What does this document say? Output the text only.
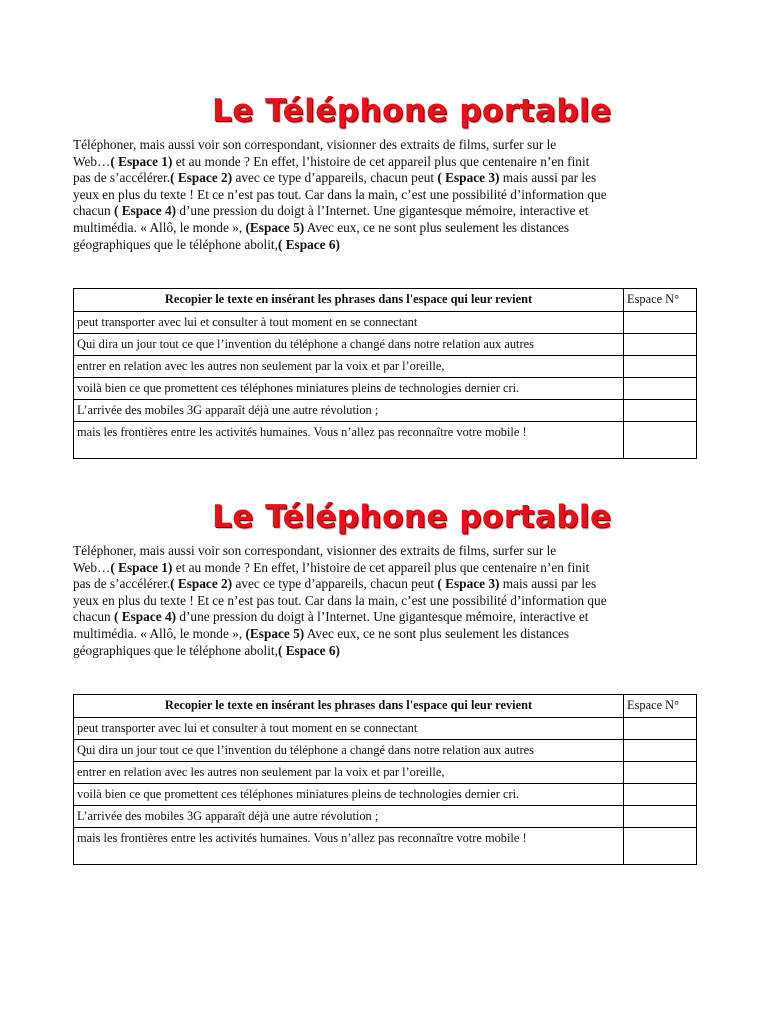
Le Téléphone portable

Téléphoner, mais aussi voir son correspondant, visionner des extraits de films, surfer sur le

Web…( Espace 1) et au monde ? En effet, l’histoire de cet appareil plus que centenaire n’en finit

pas de s’accélérer.( Espace 2) avec ce type d’appareils, chacun peut ( Espace 3) mais aussi par les

yeux en plus du texte ! Et ce n’est pas tout. Car dans la main, c’est une possibilité d’information que

chacun ( Espace 4) d’une pression du doigt à l’Internet. Une gigantesque mémoire, interactive et

multimédia. « Allô, le monde », (Espace 5) Avec eux, ce ne sont plus seulement les distances

géographiques que le téléphone abolit,( Espace 6)

Recopier le texte en insérant les phrases dans l'espace qui leur revient	Espace N°
peut transporter avec lui et consulter à tout moment en se connectant	
Qui dira un jour tout ce que l’invention du téléphone a changé dans notre relation aux autres	
entrer en relation avec les autres non seulement par la voix et par l’oreille,	
voilà bien ce que promettent ces téléphones miniatures pleins de technologies dernier cri.	
L’arrivée des mobiles 3G apparaît déjà une autre révolution ;	
mais les frontières entre les activités humaines. Vous n’allez pas reconnaître votre mobile !	
Le Téléphone portable

Téléphoner, mais aussi voir son correspondant, visionner des extraits de films, surfer sur le

Web…( Espace 1) et au monde ? En effet, l’histoire de cet appareil plus que centenaire n’en finit

pas de s’accélérer.( Espace 2) avec ce type d’appareils, chacun peut ( Espace 3) mais aussi par les

yeux en plus du texte ! Et ce n’est pas tout. Car dans la main, c’est une possibilité d’information que

chacun ( Espace 4) d’une pression du doigt à l’Internet. Une gigantesque mémoire, interactive et

multimédia. « Allô, le monde », (Espace 5) Avec eux, ce ne sont plus seulement les distances

géographiques que le téléphone abolit,( Espace 6)

Recopier le texte en insérant les phrases dans l'espace qui leur revient	Espace N°
peut transporter avec lui et consulter à tout moment en se connectant	
Qui dira un jour tout ce que l’invention du téléphone a changé dans notre relation aux autres	
entrer en relation avec les autres non seulement par la voix et par l’oreille,	
voilà bien ce que promettent ces téléphones miniatures pleins de technologies dernier cri.	
L’arrivée des mobiles 3G apparaît déjà une autre révolution ;	
mais les frontières entre les activités humaines. Vous n’allez pas reconnaître votre mobile !	
